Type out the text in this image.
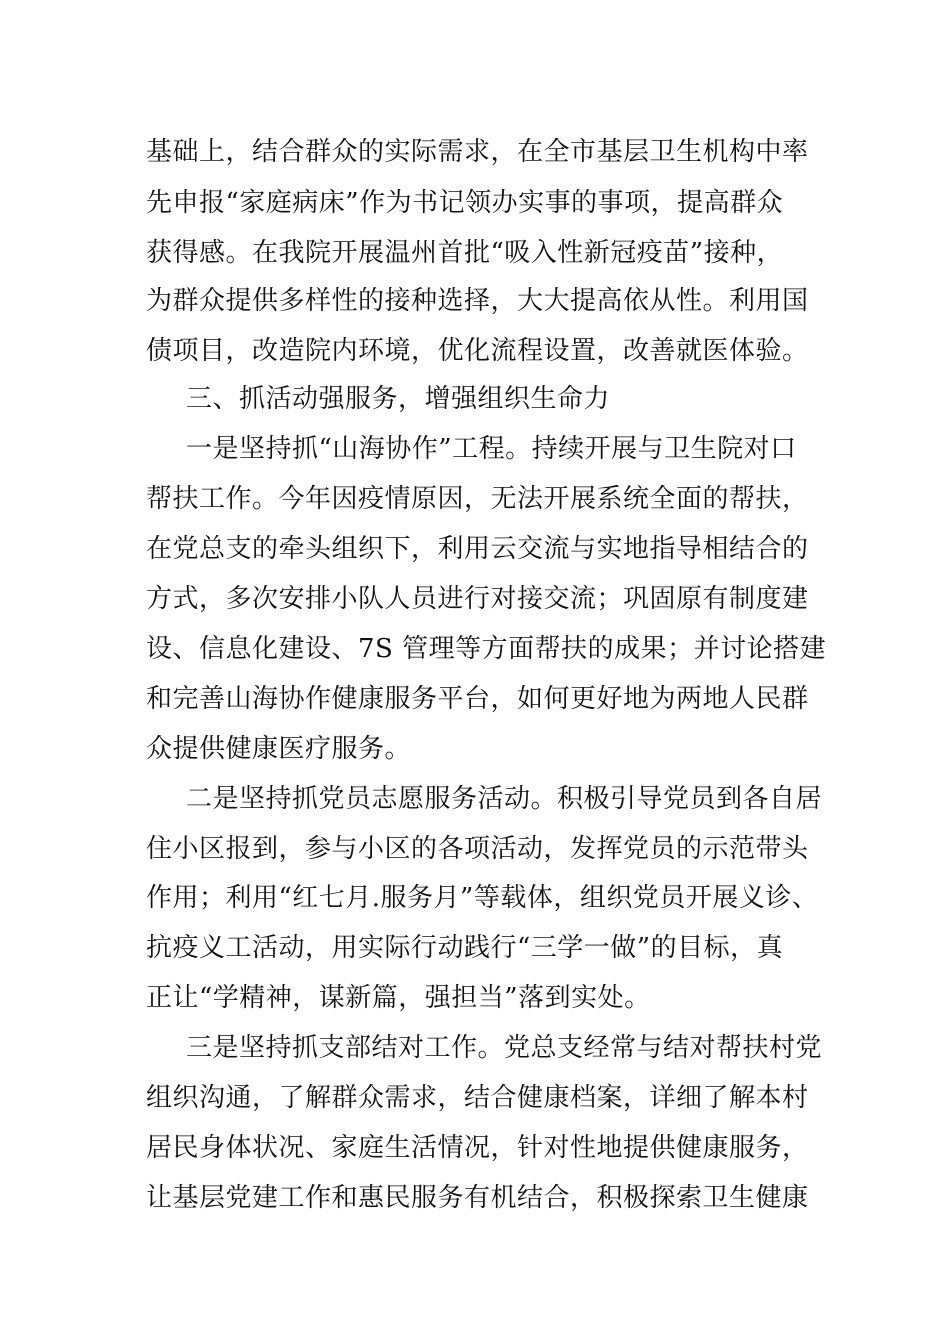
基础上，结合群众的实际需求，在全市基层卫生机构中率
先申报“家庭病床”作为书记领办实事的事项，提高群众
获得感。在我院开展温州首批“吸入性新冠疫苗”接种，
为群众提供多样性的接种选择，大大提高依从性。利用国
债项目，改造院内环境，优化流程设置，改善就医体验。
三、抓活动强服务，增强组织生命力
一是坚持抓“山海协作”工程。持续开展与卫生院对口
帮扶工作。今年因疫情原因，无法开展系统全面的帮扶，
在党总支的牵头组织下，利用云交流与实地指导相结合的
方式，多次安排小队人员进行对接交流；巩固原有制度建
设、信息化建设、7S 管理等方面帮扶的成果；并讨论搭建
和完善山海协作健康服务平台，如何更好地为两地人民群
众提供健康医疗服务。
二是坚持抓党员志愿服务活动。积极引导党员到各自居
住小区报到，参与小区的各项活动，发挥党员的示范带头
作用；利用“红七月.服务月”等载体，组织党员开展义诊、
抗疫义工活动，用实际行动践行“三学一做”的目标，真
正让“学精神，谋新篇，强担当”落到实处。
三是坚持抓支部结对工作。党总支经常与结对帮扶村党
组织沟通，了解群众需求，结合健康档案，详细了解本村
居民身体状况、家庭生活情况，针对性地提供健康服务，
让基层党建工作和惠民服务有机结合，积极探索卫生健康
